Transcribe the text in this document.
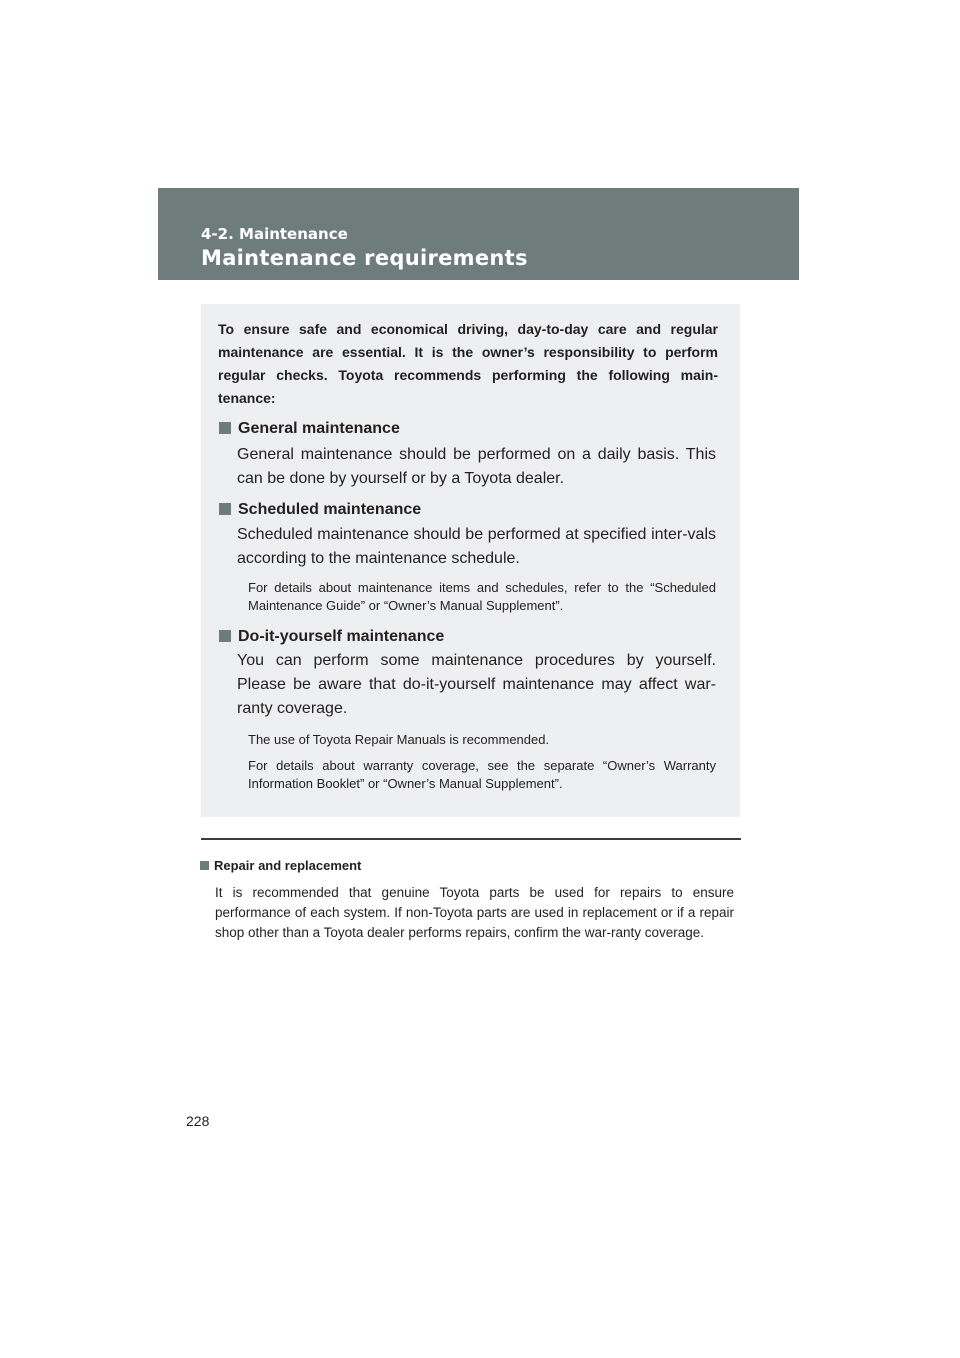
4-2. Maintenance
Maintenance requirements
To ensure safe and economical driving, day-to-day care and regular maintenance are essential. It is the owner’s responsibility to perform regular checks. Toyota recommends performing the following main-tenance:
General maintenance
General maintenance should be performed on a daily basis. This can be done by yourself or by a Toyota dealer.
Scheduled maintenance
Scheduled maintenance should be performed at specified inter-vals according to the maintenance schedule.
For details about maintenance items and schedules, refer to the “Scheduled Maintenance Guide” or “Owner’s Manual Supplement”.
Do-it-yourself maintenance
You can perform some maintenance procedures by yourself. Please be aware that do-it-yourself maintenance may affect war-ranty coverage.
The use of Toyota Repair Manuals is recommended.
For details about warranty coverage, see the separate “Owner’s Warranty Information Booklet” or “Owner’s Manual Supplement”.
Repair and replacement
It is recommended that genuine Toyota parts be used for repairs to ensure performance of each system. If non-Toyota parts are used in replacement or if a repair shop other than a Toyota dealer performs repairs, confirm the war-ranty coverage.
228
